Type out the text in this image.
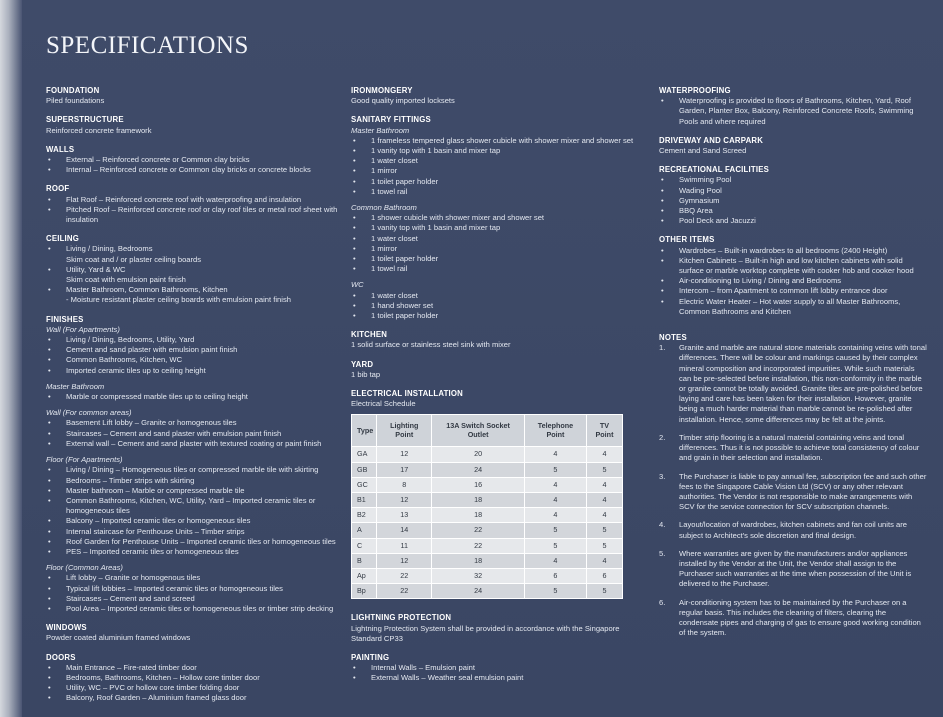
SPECIFICATIONS
FOUNDATION
Piled foundations
SUPERSTRUCTURE
Reinforced concrete framework
WALLS
• External – Reinforced concrete or Common clay bricks
• Internal – Reinforced concrete or Common clay bricks or concrete blocks
ROOF
• Flat Roof – Reinforced concrete roof with waterproofing and insulation
• Pitched Roof – Reinforced concrete roof or clay roof tiles or metal roof sheet with insulation
CEILING
• Living / Dining, Bedrooms
Skim coat and / or plaster ceiling boards
• Utility, Yard & WC
Skim coat with emulsion paint finish
• Master Bathroom, Common Bathrooms, Kitchen
- Moisture resistant plaster ceiling boards with emulsion paint finish
FINISHES
Wall (For Apartments)
• Living / Dining, Bedrooms, Utility, Yard
• Cement and sand plaster with emulsion paint finish
• Common Bathrooms, Kitchen, WC
• Imported ceramic tiles up to ceiling height
Master Bathroom
• Marble or compressed marble tiles up to ceiling height
Wall (For common areas)
• Basement Lift lobby – Granite or homogenous tiles
• Staircases – Cement and sand plaster with emulsion paint finish
• External wall – Cement and sand plaster with textured coating or paint finish
Floor (For Apartments)
• Living / Dining – Homogeneous tiles or compressed marble tile with skirting
• Bedrooms – Timber strips with skirting
• Master bathroom – Marble or compressed marble tile
• Common Bathrooms, Kitchen, WC, Utility, Yard – Imported ceramic tiles or homogeneous tiles
• Balcony – Imported ceramic tiles or homogeneous tiles
• Internal staircase for Penthouse Units – Timber strips
• Roof Garden for Penthouse Units – Imported ceramic tiles or homogeneous tiles
• PES – Imported ceramic tiles or homogeneous tiles
Floor (Common Areas)
• Lift lobby – Granite or homogenous tiles
• Typical lift lobbies – Imported ceramic tiles or homogeneous tiles
• Staircases – Cement and sand screed
• Pool Area – Imported ceramic tiles or homogeneous tiles or timber strip decking
WINDOWS
Powder coated aluminium framed windows
DOORS
• Main Entrance – Fire-rated timber door
• Bedrooms, Bathrooms, Kitchen – Hollow core timber door
• Utility, WC – PVC or hollow core timber folding door
• Balcony, Roof Garden – Aluminium framed glass door
IRONMONGERY
Good quality imported locksets
SANITARY FITTINGS
Master Bathroom
• 1 frameless tempered glass shower cubicle with shower mixer and shower set
• 1 vanity top with 1 basin and mixer tap
• 1 water closet
• 1 mirror
• 1 toilet paper holder
• 1 towel rail
Common Bathroom
• 1 shower cubicle with shower mixer and shower set
• 1 vanity top with 1 basin and mixer tap
• 1 water closet
• 1 mirror
• 1 toilet paper holder
• 1 towel rail
WC
• 1 water closet
• 1 hand shower set
• 1 toilet paper holder
KITCHEN
1 solid surface or stainless steel sink with mixer
YARD
1 bib tap
ELECTRICAL INSTALLATION
Electrical Schedule
Type	Lighting Point	13A Switch Socket Outlet	Telephone Point	TV Point
GA	12	20	4	4
GB	17	24	5	5
GC	8	16	4	4
B1	12	18	4	4
B2	13	18	4	4
A	14	22	5	5
C	11	22	5	5
B	12	18	4	4
Ap	22	32	6	6
Bp	22	24	5	5
LIGHTNING PROTECTION
Lightning Protection System shall be provided in accordance with the Singapore Standard CP33
PAINTING
• Internal Walls – Emulsion paint
• External Walls – Weather seal emulsion paint
WATERPROOFING
• Waterproofing is provided to floors of Bathrooms, Kitchen, Yard, Roof Garden, Planter Box, Balcony, Reinforced Concrete Roofs, Swimming Pools and where required
DRIVEWAY AND CARPARK
Cement and Sand Screed
RECREATIONAL FACILITIES
• Swimming Pool
• Wading Pool
• Gymnasium
• BBQ Area
• Pool Deck and Jacuzzi
OTHER ITEMS
• Wardrobes – Built-in wardrobes to all bedrooms (2400 Height)
• Kitchen Cabinets – Built-in high and low kitchen cabinets with solid surface or marble worktop complete with cooker hob and cooker hood
• Air-conditioning to Living / Dining and Bedrooms
• Intercom – from Apartment to common lift lobby entrance door
• Electric Water Heater – Hot water supply to all Master Bathrooms, Common Bathrooms and Kitchen
NOTES
1. Granite and marble are natural stone materials containing veins with tonal differences. There will be colour and markings caused by their complex mineral composition and incorporated impurities. While such materials can be pre-selected before installation, this non-conformity in the marble or granite cannot be totally avoided. Granite tiles are pre-polished before laying and care has been taken for their installation. However, granite being a much harder material than marble cannot be re-polished after installation. Hence, some differences may be felt at the joints.
2. Timber strip flooring is a natural material containing veins and tonal differences. Thus it is not possible to achieve total consistency of colour and grain in their selection and installation.
3. The Purchaser is liable to pay annual fee, subscription fee and such other fees to the Singapore Cable Vision Ltd (SCV) or any other relevant authorities. The Vendor is not responsible to make arrangements with SCV for the service connection for SCV subscription channels.
4. Layout/location of wardrobes, kitchen cabinets and fan coil units are subject to Architect's sole discretion and final design.
5. Where warranties are given by the manufacturers and/or appliances installed by the Vendor at the Unit, the Vendor shall assign to the Purchaser such warranties at the time when possession of the Unit is delivered to the Purchaser.
6. Air-conditioning system has to be maintained by the Purchaser on a regular basis. This includes the cleaning of filters, clearing the condensate pipes and charging of gas to ensure good working condition of the system.
